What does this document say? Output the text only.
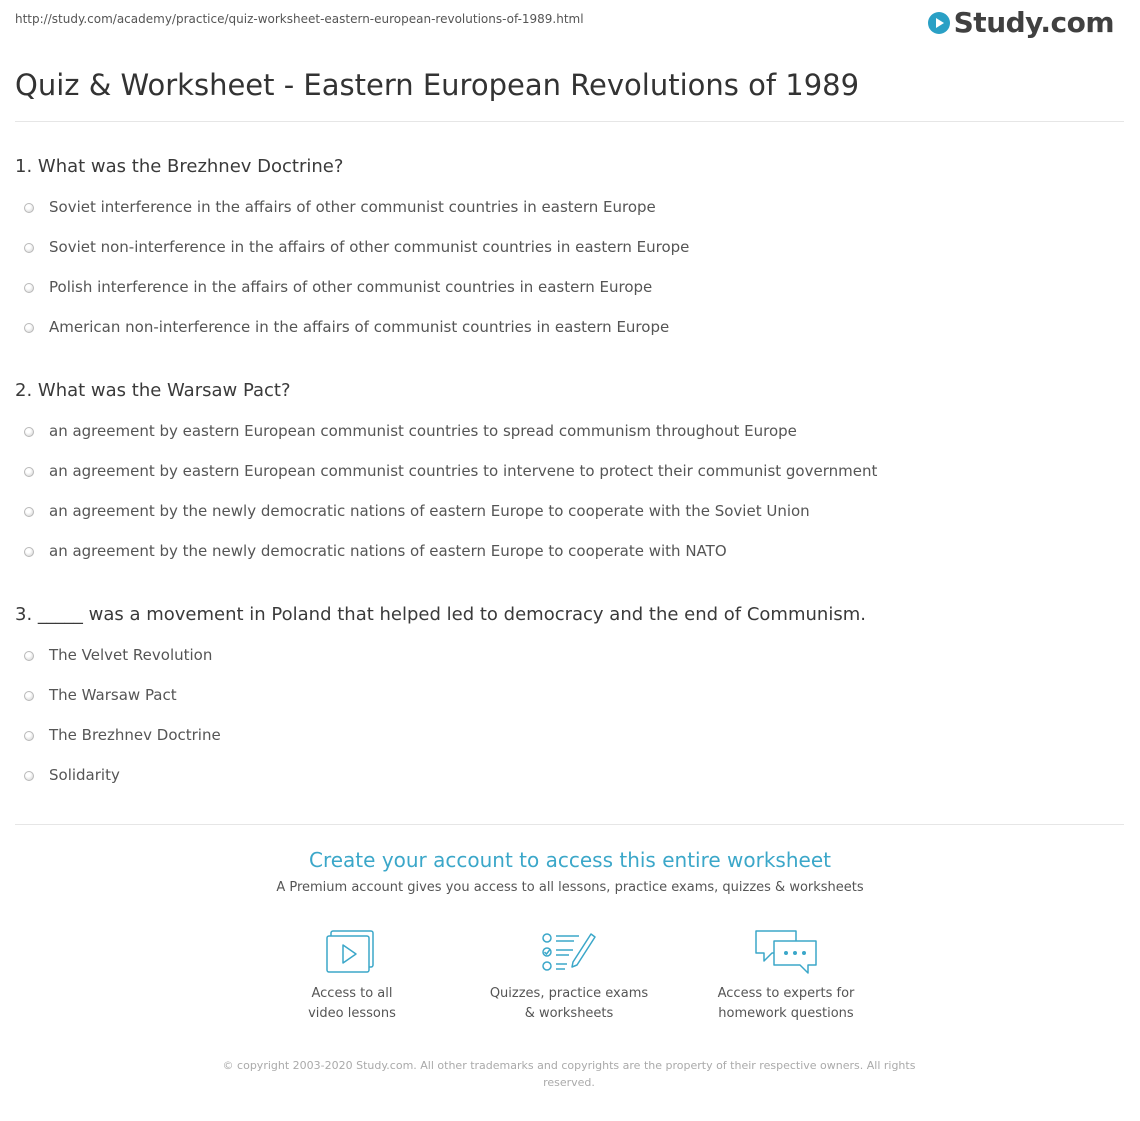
http://study.com/academy/practice/quiz-worksheet-eastern-european-revolutions-of-1989.html	Study.com
Quiz & Worksheet - Eastern European Revolutions of 1989

1. What was the Brezhnev Doctrine?

Soviet interference in the affairs of other communist countries in eastern Europe
Soviet non-interference in the affairs of other communist countries in eastern Europe
Polish interference in the affairs of other communist countries in eastern Europe
American non-interference in the affairs of communist countries in eastern Europe

2. What was the Warsaw Pact?

an agreement by eastern European communist countries to spread communism throughout Europe
an agreement by eastern European communist countries to intervene to protect their communist government
an agreement by the newly democratic nations of eastern Europe to cooperate with the Soviet Union
an agreement by the newly democratic nations of eastern Europe to cooperate with NATO

3. _____ was a movement in Poland that helped led to democracy and the end of Communism.

The Velvet Revolution
The Warsaw Pact
The Brezhnev Doctrine
Solidarity

Create your account to access this entire worksheet

A Premium account gives you access to all lessons, practice exams, quizzes & worksheets
Access to all
video lessons
Quizzes, practice exams
& worksheets
Access to experts for
homework questions
© copyright 2003-2020 Study.com. All other trademarks and copyrights are the property of their respective owners. All rights
reserved.
